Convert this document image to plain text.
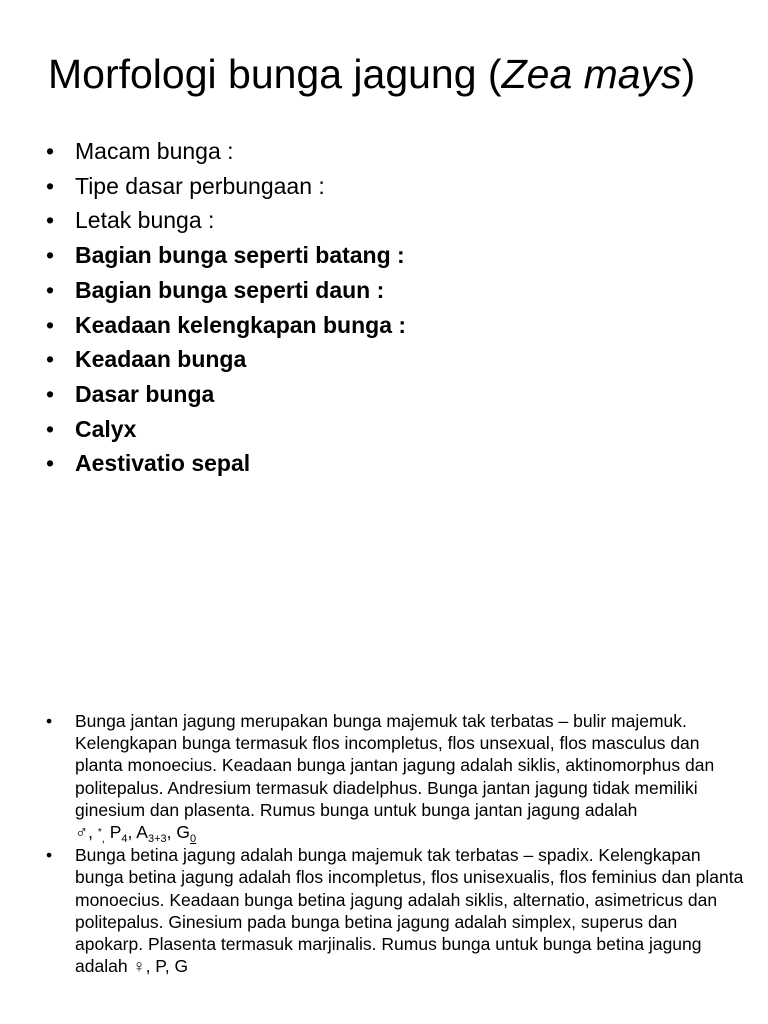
Morfologi bunga jagung (Zea mays)
• Macam bunga :
• Tipe dasar perbungaan :
• Letak bunga :
• Bagian bunga seperti batang :
• Bagian bunga seperti daun :
• Keadaan kelengkapan bunga :
• Keadaan bunga
• Dasar bunga
• Calyx
• Aestivatio sepal
• Bunga jantan jagung merupakan bunga majemuk tak terbatas – bulir majemuk. Kelengkapan bunga termasuk flos incompletus, flos unsexual, flos masculus dan planta monoecius. Keadaan bunga jantan jagung adalah siklis, aktinomorphus dan politepalus. Andresium termasuk diadelphus. Bunga jantan jagung tidak memiliki ginesium dan plasenta. Rumus bunga untuk bunga jantan jagung adalah ♂, $*_,$ $P_4$, $A_{3+3}$, $G_0$
• Bunga betina jagung adalah bunga majemuk tak terbatas – spadix. Kelengkapan bunga betina jagung adalah flos incompletus, flos unisexualis, flos feminius dan planta monoecius. Keadaan bunga betina jagung adalah siklis, alternatio, asimetricus dan politepalus. Ginesium pada bunga betina jagung adalah simplex, superus dan apokarp. Plasenta termasuk marjinalis. Rumus bunga untuk bunga betina jagung adalah ♀, P, G
